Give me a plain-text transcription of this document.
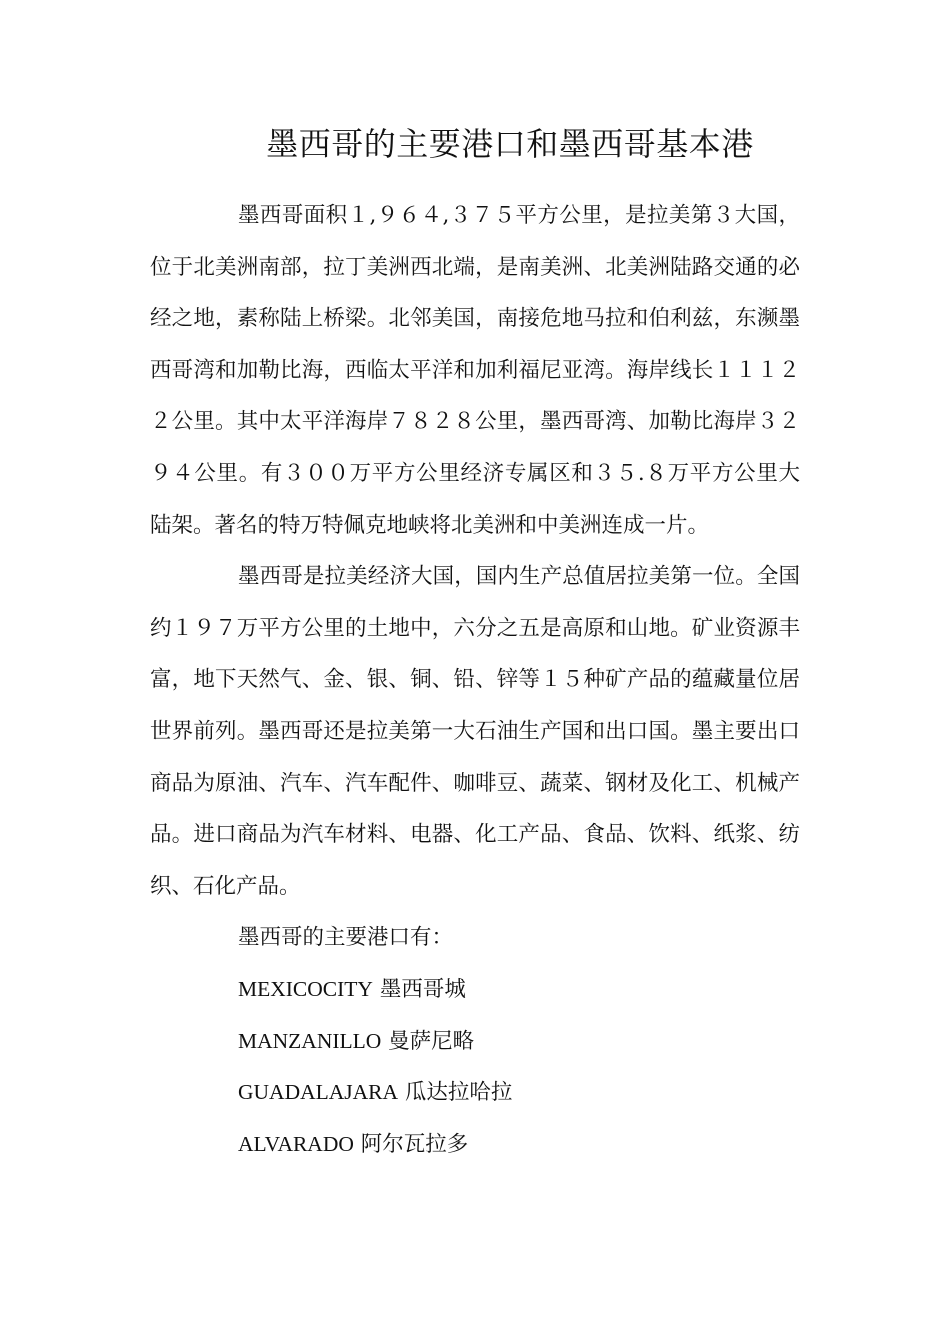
墨西哥的主要港口和墨西哥基本港

墨西哥面积１,９６４,３７５平方公里，是拉美第３大国，位于北美洲南部，拉丁美洲西北端，是南美洲、北美洲陆路交通的必经之地，素称陆上桥梁。北邻美国，南接危地马拉和伯利兹，东濒墨西哥湾和加勒比海，西临太平洋和加利福尼亚湾。海岸线长１１１２２公里。其中太平洋海岸７８２８公里，墨西哥湾、加勒比海岸３２９４公里。有３００万平方公里经济专属区和３５.８万平方公里大陆架。著名的特万特佩克地峡将北美洲和中美洲连成一片。

墨西哥是拉美经济大国，国内生产总值居拉美第一位。全国约１９７万平方公里的土地中，六分之五是高原和山地。矿业资源丰富，地下天然气、金、银、铜、铅、锌等１５种矿产品的蕴藏量位居世界前列。墨西哥还是拉美第一大石油生产国和出口国。墨主要出口商品为原油、汽车、汽车配件、咖啡豆、蔬菜、钢材及化工、机械产品。进口商品为汽车材料、电器、化工产品、食品、饮料、纸浆、纺织、石化产品。

墨西哥的主要港口有：

MEXICOCITY 墨西哥城
MANZANILLO 曼萨尼略
GUADALAJARA 瓜达拉哈拉
ALVARADO 阿尔瓦拉多
